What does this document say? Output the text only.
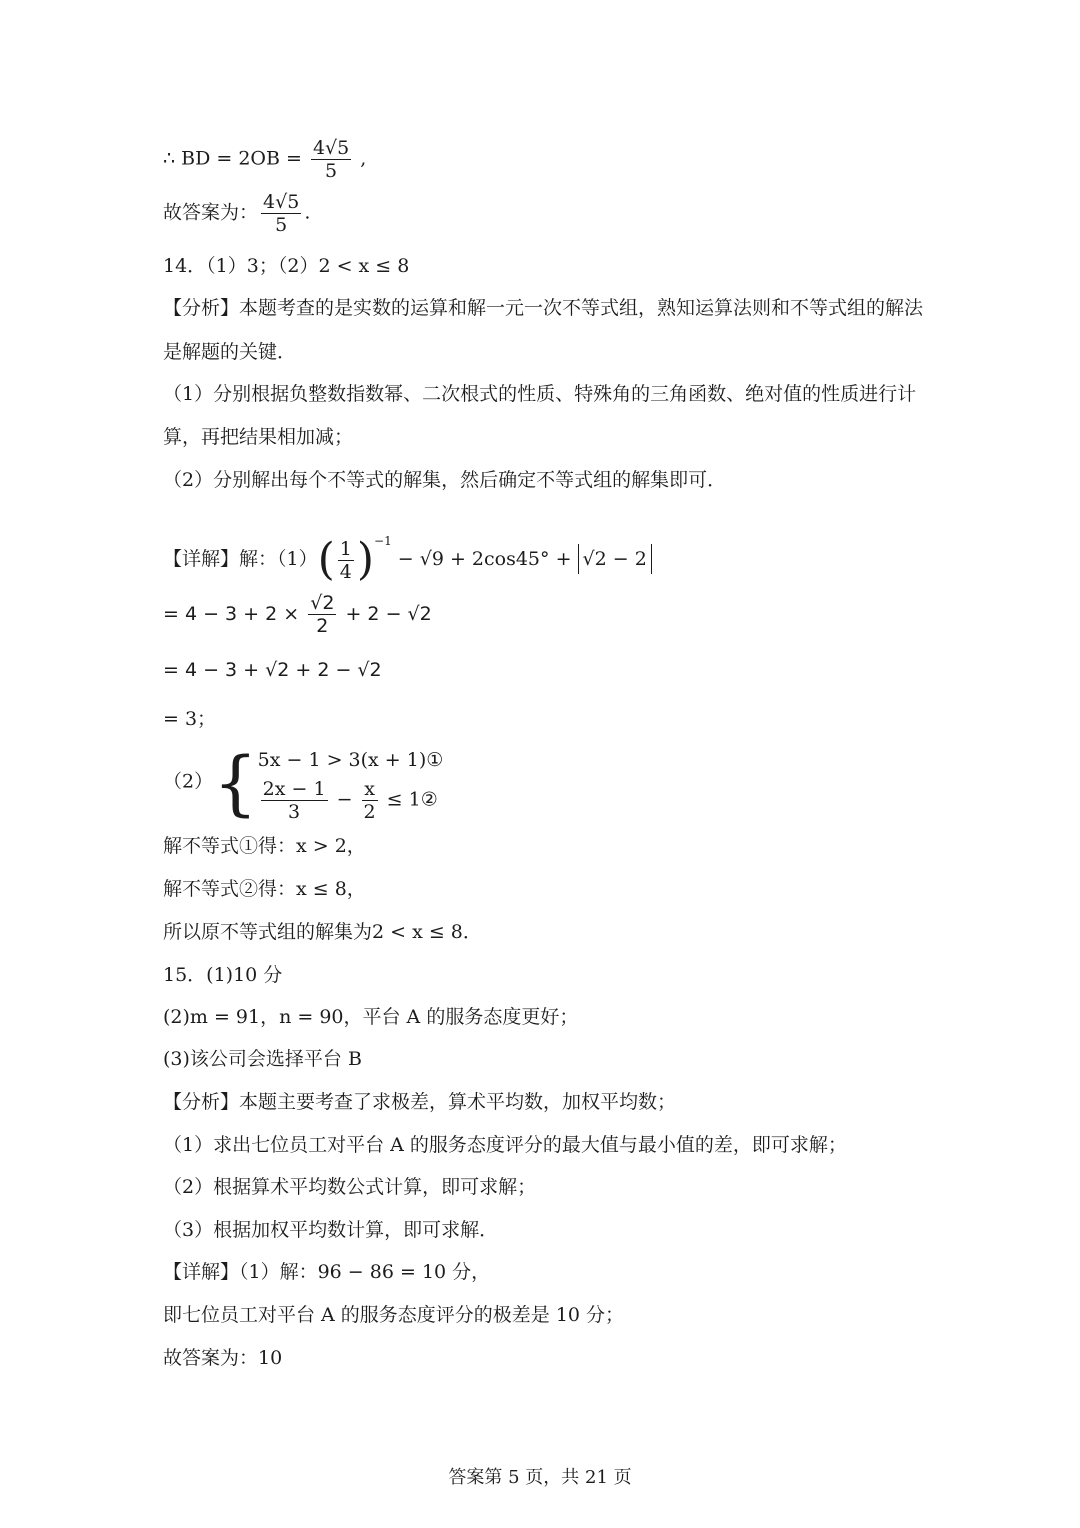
∴ BD = $2OB = \frac{4√5}{5}$ ,
故答案为： $\frac{4√5}{5}$ .
14．（1）3；（2）2 < x ≤ 8
【分析】本题考查的是实数的运算和解一元一次不等式组，熟知运算法则和不等式组的解法
是解题的关键．
（1）分别根据负整数指数幂、二次根式的性质、特殊角的三角函数、绝对值的性质进行计
算，再把结果相加减；
（2）分别解出每个不等式的解集，然后确定不等式组的解集即可．
【详解】解：$(1)( \frac{1}{4} )^{-1} - √9 + 2\cos 45^\circ + √2 - 2$
= $4 - 3 + 2 \times \frac{√2}{2} + 2 - √2$
= 4 − 3 + √2 + 2 − √2
= 3；
（2）{ 5x − 1 > 3(x + 1)①
$\frac{2x - 1}{3} - \frac{x}{2}$ ≤ 1②
解不等式①得：x > 2，
解不等式②得：x ≤ 8，
所以原不等式组的解集为2 < x ≤ 8．
15．(1)10 分
(2)m = 91，n = 90，平台 A 的服务态度更好；
(3)该公司会选择平台 B
【分析】本题主要考查了求极差，算术平均数，加权平均数；
（1）求出七位员工对平台 A 的服务态度评分的最大值与最小值的差，即可求解；
（2）根据算术平均数公式计算，即可求解；
（3）根据加权平均数计算，即可求解．
【详解】（1）解：96 − 86 = 10 分，
即七位员工对平台 A 的服务态度评分的极差是 10 分；
故答案为：10
答案第 5 页，共 21 页
